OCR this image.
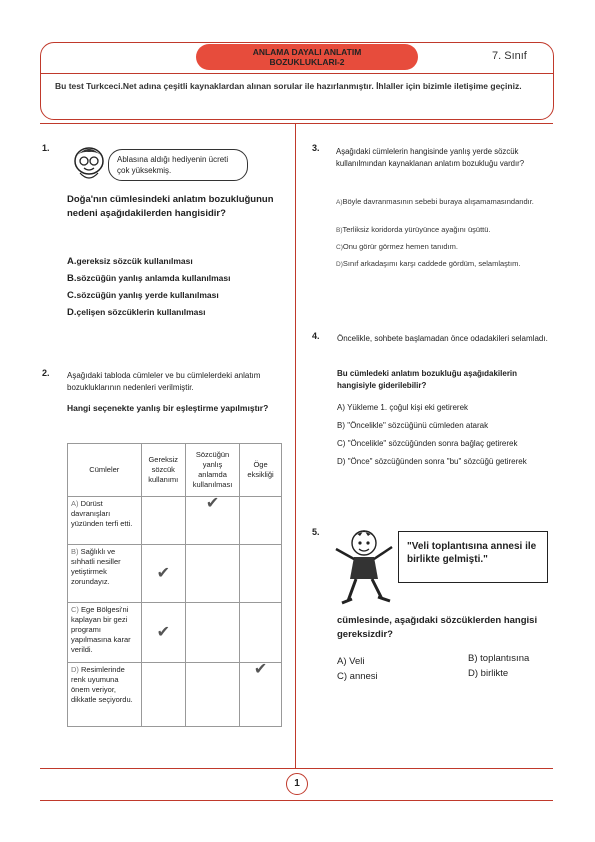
ANLAMA DAYALI ANLATIM
BOZUKLUKLARI-2	7. Sınıf
Bu test Turkceci.Net adına çeşitli kaynaklardan alınan sorular ile hazırlanmıştır. İhlaller için bizimle iletişime geçiniz.
1.
Ablasına aldığı hediyenin ücreti çok yüksekmiş.
Doğa'nın cümlesindeki anlatım bozukluğunun nedeni aşağıdakilerden hangisidir?
A.gereksiz sözcük kullanılması
B.sözcüğün yanlış anlamda kullanılması
C.sözcüğün yanlış yerde kullanılması
D.çelişen sözcüklerin kullanılması
2. Aşağıdaki tabloda cümleler ve bu cümlelerdeki anlatım bozukluklarının nedenleri verilmiştir.
Hangi seçenekte yanlış bir eşleştirme yapılmıştır?
Cümleler	Gereksiz sözcük kullanımı	Sözcüğün yanlış anlamda kullanılması	Öge eksikliği
A) Dürüst davranışları yüzünden terfi etti.		✔	
B) Sağlıklı ve sıhhatli nesiller yetiştirmek zorundayız.	✔		
C) Ege Bölgesi'ni kaplayan bir gezi programı yapılmasına karar verildi.	✔		
D) Resimlerinde renk uyumuna önem veriyor, dikkatle seçiyordu.			✔
3. Aşağıdaki cümlelerin hangisinde yanlış yerde sözcük kullanılmından kaynaklanan anlatım bozukluğu vardır?
A)Böyle davranmasının sebebi buraya alışamamasındandır.
B)Terliksiz koridorda yürüyünce ayağını üşüttü.
C)Onu görür görmez hemen tanıdım.
D)Sınıf arkadaşımı karşı caddede gördüm, selamlaştım.
4. Öncelikle, sohbete başlamadan önce odadakileri selamladı.
Bu cümledeki anlatım bozukluğu aşağıdakilerin hangisiyle giderilebilir?
A) Yükleme 1. çoğul kişi eki getirerek
B) "Öncelikle" sözcüğünü cümleden atarak
C) "Öncelikle" sözcüğünden sonra bağlaç getirerek
D) "Önce" sözcüğünden sonra "bu" sözcüğü getirerek
5.
"Veli toplantısına annesi ile birlikte gelmişti."
cümlesinde, aşağıdaki sözcüklerden hangisi gereksizdir?
A) Veli	B) toplantısına
C) annesi	D) birlikte
1
